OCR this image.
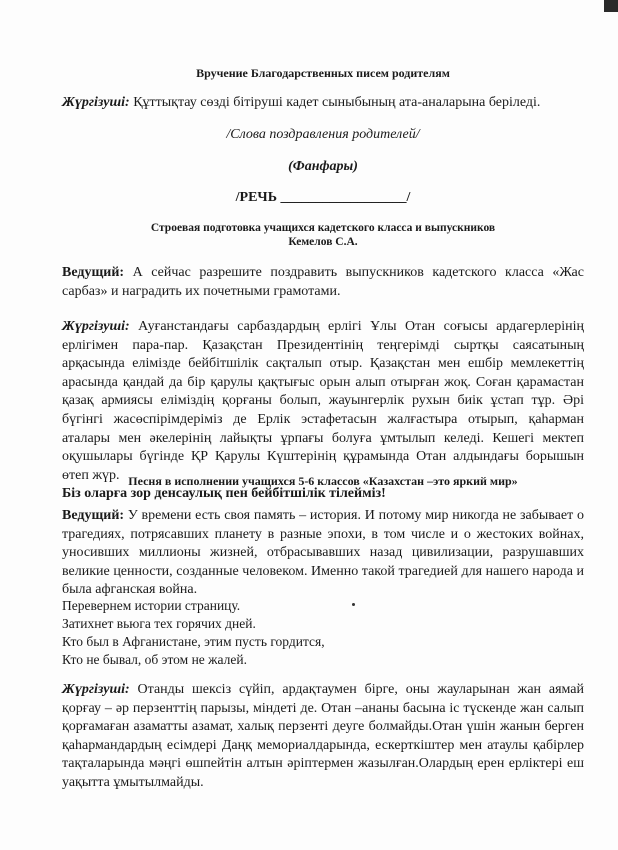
Вручение Благодарственных писем родителям
Жүргізуші: Құттықтау сөзді бітіруші кадет сыныбының ата-аналарына беріледі.
/Слова поздравления родителей/
(Фанфары)
/РЕЧЬ __________________/
Строевая подготовка учащихся кадетского класса и выпускников
Кемелов С.А.
Ведущий: А сейчас разрешите поздравить выпускников кадетского класса «Жас сарбаз» и наградить их почетными грамотами.
Жүргізуші: Ауғанстандағы сарбаздардың ерлігі Ұлы Отан соғысы ардагерлерінің ерлігімен пара-пар. Қазақстан Президентінің теңгерімді сыртқы саясатының арқасында елімізде бейбітшілік сақталып отыр. Қазақстан мен ешбір мемлекеттің арасында қандай да бір қарулы қақтығыс орын алып отырған жоқ. Соған қарамастан қазақ армиясы еліміздің қорғаны болып, жауынгерлік рухын биік ұстап тұр. Әрі бүгінгі жасөспірімдеріміз де Ерлік эстафетасын жалғастыра отырып, қаһарман аталары мен әкелерінің лайықты ұрпағы болуға ұмтылып келеді. Кешегі мектеп оқушылары бүгінде ҚР Қарулы Күштерінің құрамында Отан алдындағы борышын өтеп жүр.
Біз оларға зор денсаулық пен бейбітшілік тілейміз!
Песня в исполнении учащихся 5-6 классов «Казахстан –это яркий мир»
Ведущий: У времени есть своя память – история. И потому мир никогда не забывает о трагедиях, потрясавших планету в разные эпохи, в том числе и о жестоких войнах, уносивших миллионы жизней, отбрасывавших назад цивилизации, разрушавших великие ценности, созданные человеком. Именно такой трагедией для нашего народа и была афганская война.
Перевернем истории страницу.
Затихнет вьюга тех горячих дней.
Кто был в Афганистане, этим пусть гордится,
Кто не бывал, об этом не жалей.
Жүргізуші: Отанды шексіз сүйіп, ардақтаумен бірге, оны жауларынан жан аямай қорғау – әр перзенттің парызы, міндеті де. Отан –ананы басына іс түскенде жан салып қорғамаған азаматты азамат, халық перзенті деуге болмайды.Отан үшін жанын берген қаһармандардың есімдері Даңқ мемориалдарында, ескерткіштер мен атаулы қабірлер тақталарында мәңгі өшпейтін алтын әріптермен жазылған.Олардың ерен ерліктері еш уақытта ұмытылмайды.
